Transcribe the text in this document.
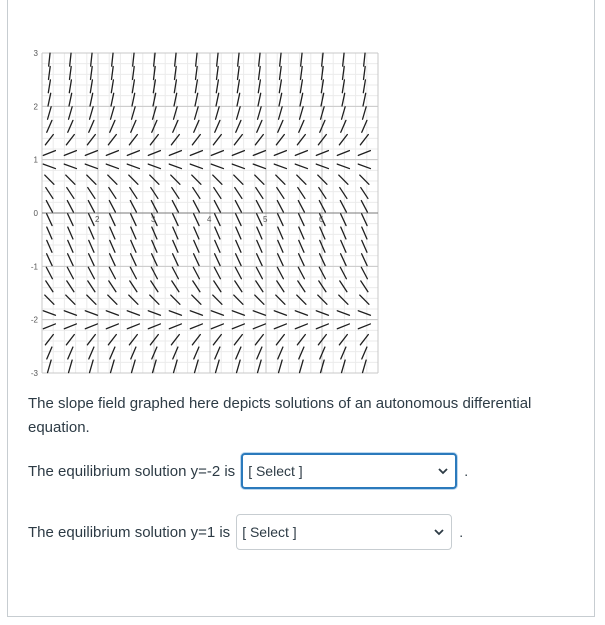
3
2
1
0
-1
-2
-3
2	3	4	5	6

The slope field graphed here depicts solutions of an autonomous differential equation.

The equilibrium solution y=-2 is [ Select ]	.
The equilibrium solution y=1 is [ Select ]	.
